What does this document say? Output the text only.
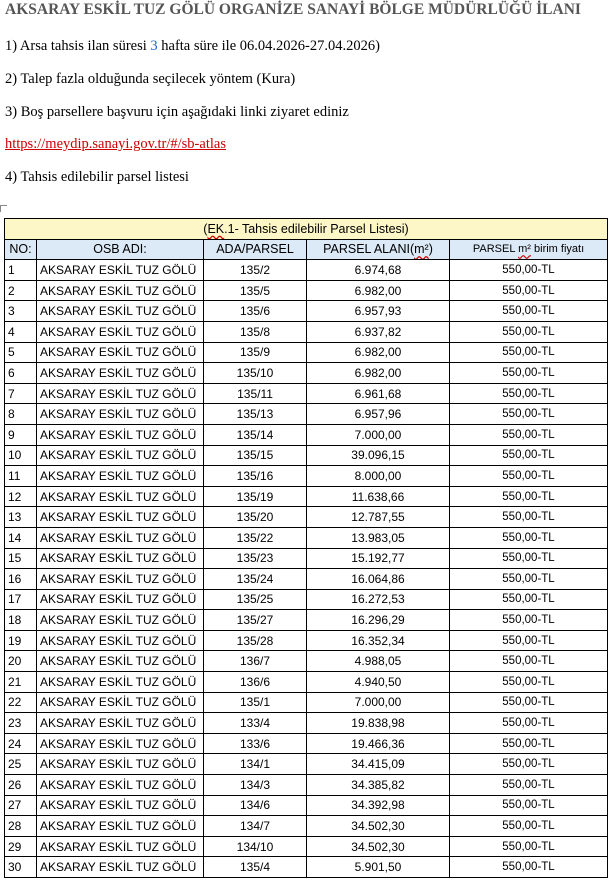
AKSARAY ESKİL TUZ GÖLÜ ORGANİZE SANAYİ BÖLGE MÜDÜRLÜĞÜ İLANI
1) Arsa tahsis ilan süresi 3 hafta süre ile 06.04.2026-27.04.2026)
2) Talep fazla olduğunda seçilecek yöntem (Kura)
3) Boş parsellere başvuru için aşağıdaki linki ziyaret ediniz
https://meydip.sanayi.gov.tr/#/sb-atlas
4) Tahsis edilebilir parsel listesi
(EK.1- Tahsis edilebilir Parsel Listesi)				
NO:	OSB ADI:	ADA/PARSEL	PARSEL ALANI(m²)	PARSEL m² birim fiyatı
1	AKSARAY ESKİL TUZ GÖLÜ	135/2	6.974,68	550,00-TL
2	AKSARAY ESKİL TUZ GÖLÜ	135/5	6.982,00	550,00-TL
3	AKSARAY ESKİL TUZ GÖLÜ	135/6	6.957,93	550,00-TL
4	AKSARAY ESKİL TUZ GÖLÜ	135/8	6.937,82	550,00-TL
5	AKSARAY ESKİL TUZ GÖLÜ	135/9	6.982,00	550,00-TL
6	AKSARAY ESKİL TUZ GÖLÜ	135/10	6.982,00	550,00-TL
7	AKSARAY ESKİL TUZ GÖLÜ	135/11	6.961,68	550,00-TL
8	AKSARAY ESKİL TUZ GÖLÜ	135/13	6.957,96	550,00-TL
9	AKSARAY ESKİL TUZ GÖLÜ	135/14	7.000,00	550,00-TL
10	AKSARAY ESKİL TUZ GÖLÜ	135/15	39.096,15	550,00-TL
11	AKSARAY ESKİL TUZ GÖLÜ	135/16	8.000,00	550,00-TL
12	AKSARAY ESKİL TUZ GÖLÜ	135/19	11.638,66	550,00-TL
13	AKSARAY ESKİL TUZ GÖLÜ	135/20	12.787,55	550,00-TL
14	AKSARAY ESKİL TUZ GÖLÜ	135/22	13.983,05	550,00-TL
15	AKSARAY ESKİL TUZ GÖLÜ	135/23	15.192,77	550,00-TL
16	AKSARAY ESKİL TUZ GÖLÜ	135/24	16.064,86	550,00-TL
17	AKSARAY ESKİL TUZ GÖLÜ	135/25	16.272,53	550,00-TL
18	AKSARAY ESKİL TUZ GÖLÜ	135/27	16.296,29	550,00-TL
19	AKSARAY ESKİL TUZ GÖLÜ	135/28	16.352,34	550,00-TL
20	AKSARAY ESKİL TUZ GÖLÜ	136/7	4.988,05	550,00-TL
21	AKSARAY ESKİL TUZ GÖLÜ	136/6	4.940,50	550,00-TL
22	AKSARAY ESKİL TUZ GÖLÜ	135/1	7.000,00	550,00-TL
23	AKSARAY ESKİL TUZ GÖLÜ	133/4	19.838,98	550,00-TL
24	AKSARAY ESKİL TUZ GÖLÜ	133/6	19.466,36	550,00-TL
25	AKSARAY ESKİL TUZ GÖLÜ	134/1	34.415,09	550,00-TL
26	AKSARAY ESKİL TUZ GÖLÜ	134/3	34.385,82	550,00-TL
27	AKSARAY ESKİL TUZ GÖLÜ	134/6	34.392,98	550,00-TL
28	AKSARAY ESKİL TUZ GÖLÜ	134/7	34.502,30	550,00-TL
29	AKSARAY ESKİL TUZ GÖLÜ	134/10	34.502,30	550,00-TL
30	AKSARAY ESKİL TUZ GÖLÜ	135/4	5.901,50	550,00-TL
